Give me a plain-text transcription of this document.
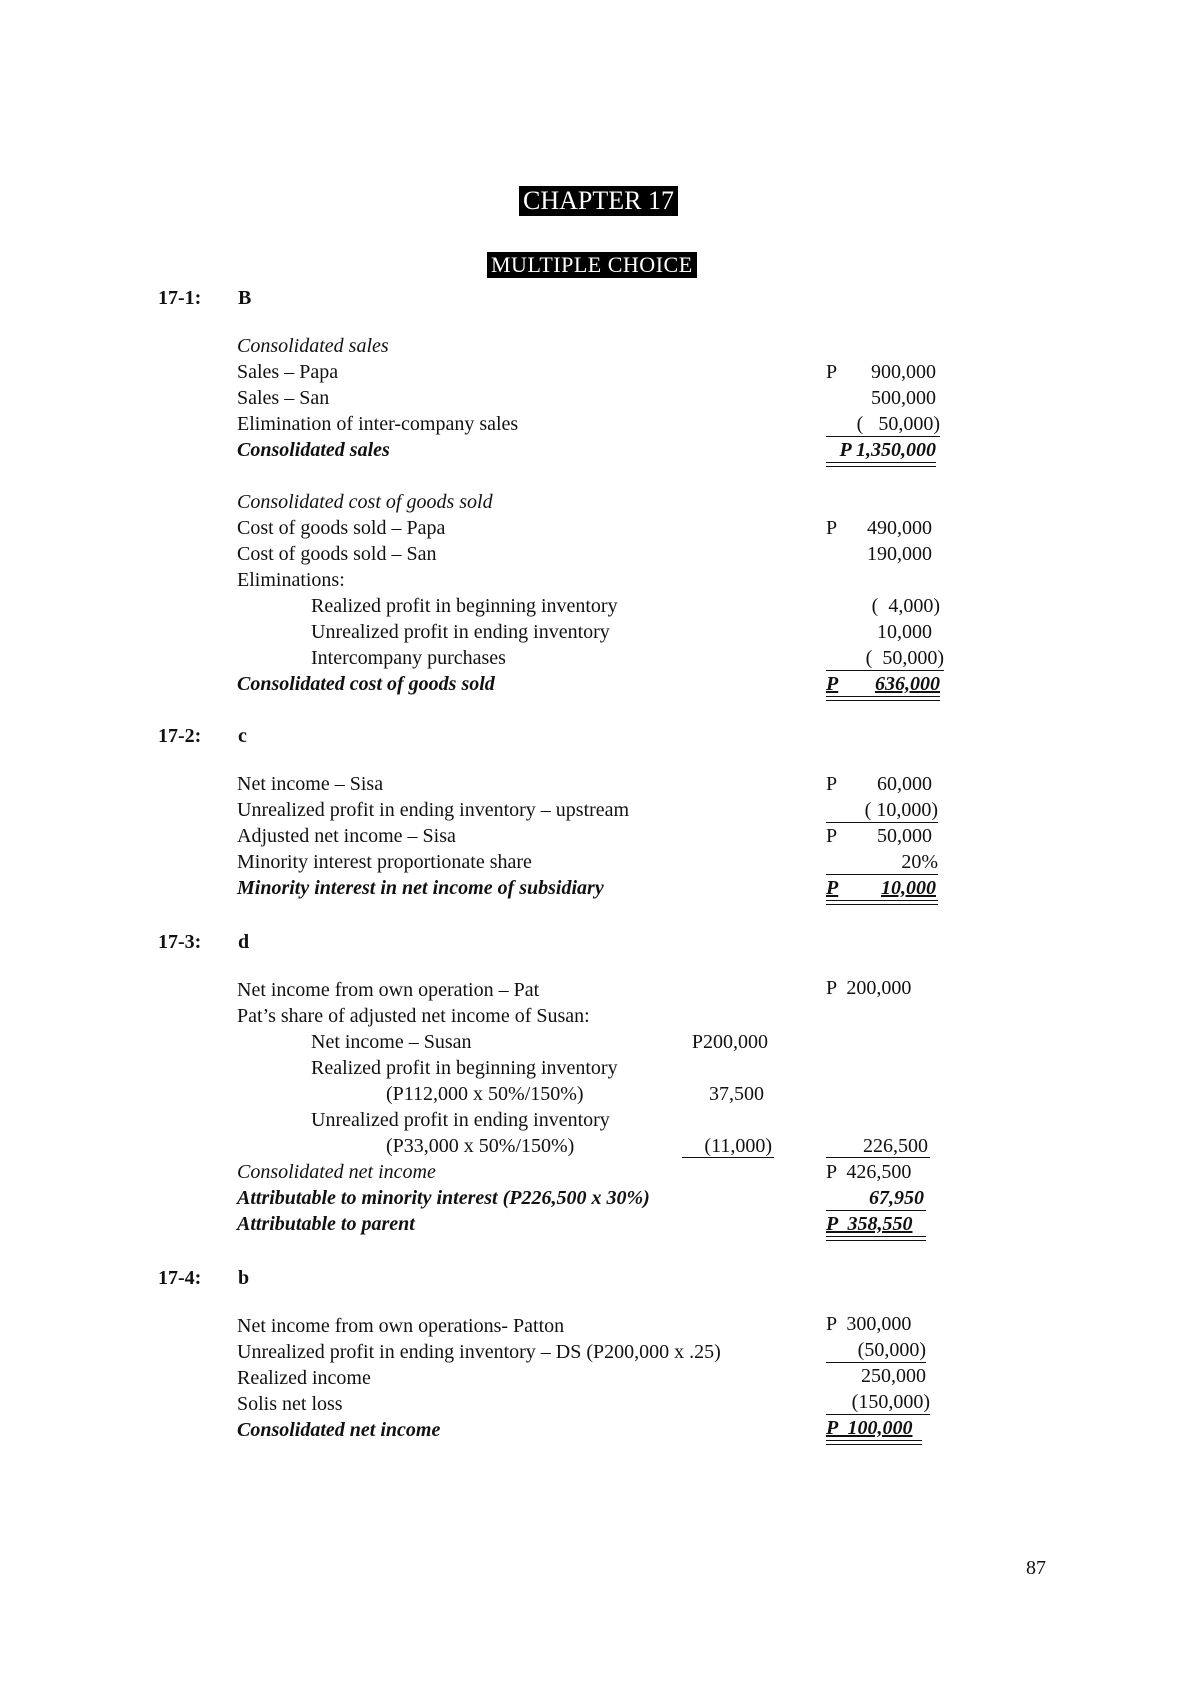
CHAPTER 17
MULTIPLE CHOICE
17-1: B
Consolidated sales
Sales – Papa	P	900,000
Sales – San	500,000
Elimination of inter-company sales	(   50,000)
Consolidated sales	P 1,350,000
Consolidated cost of goods sold
Cost of goods sold – Papa	P	490,000
Cost of goods sold – San	190,000
Eliminations:
Realized profit in beginning inventory	(  4,000)
Unrealized profit in ending inventory	10,000
Intercompany purchases	(  50,000)
Consolidated cost of goods sold	P	636,000
17-2: c
Net income – Sisa	P	60,000
Unrealized profit in ending inventory – upstream	( 10,000)
Adjusted net income – Sisa	P	50,000
Minority interest proportionate share	20%
Minority interest in net income of subsidiary	P	10,000
17-3: d
Net income from own operation – Pat	P  200,000
Pat’s share of adjusted net income of Susan:
Net income – Susan	P200,000
Realized profit in beginning inventory
(P112,000 x 50%/150%)	37,500
Unrealized profit in ending inventory
(P33,000 x 50%/150%)	(11,000)	226,500
Consolidated net income	P  426,500
Attributable to minority interest (P226,500 x 30%)	67,950
Attributable to parent	P  358,550
17-4: b
Net income from own operations- Patton	P  300,000
Unrealized profit in ending inventory – DS (P200,000 x .25)	(50,000)
Realized income	250,000
Solis net loss	(150,000)
Consolidated net income	P  100,000
87
